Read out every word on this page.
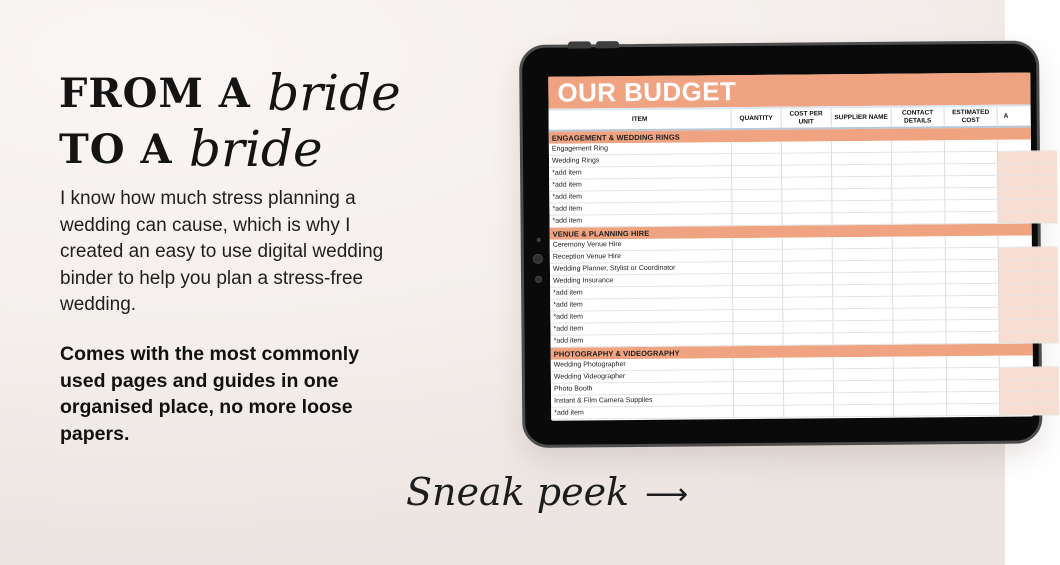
FROM A bride
TO A bride

I know how much stress planning a wedding can cause, which is why I created an easy to use digital wedding binder to help you plan a stress-free wedding.

Comes with the most commonly used pages and guides in one organised place, no more loose papers.

Sneak peek ⟶
OUR BUDGET
ITEM	QUANTITY
COST PER UNIT
SUPPLIER NAME
CONTACT DETAILS
ESTIMATED COST
A
ENGAGEMENT & WEDDING RINGS
Engagement Ring
Wedding Rings
*add item
*add item
*add item
*add item
*add item
VENUE & PLANNING HIRE
Ceremony Venue Hire
Reception Venue Hire
Wedding Planner, Stylist or Coordinator
Wedding Insurance
*add item
*add item
*add item
*add item
*add item
PHOTOGRAPHY & VIDEOGRAPHY
Wedding Photographer
Wedding Videographer
Photo Booth
Instant & Film Camera Supplies
*add item
